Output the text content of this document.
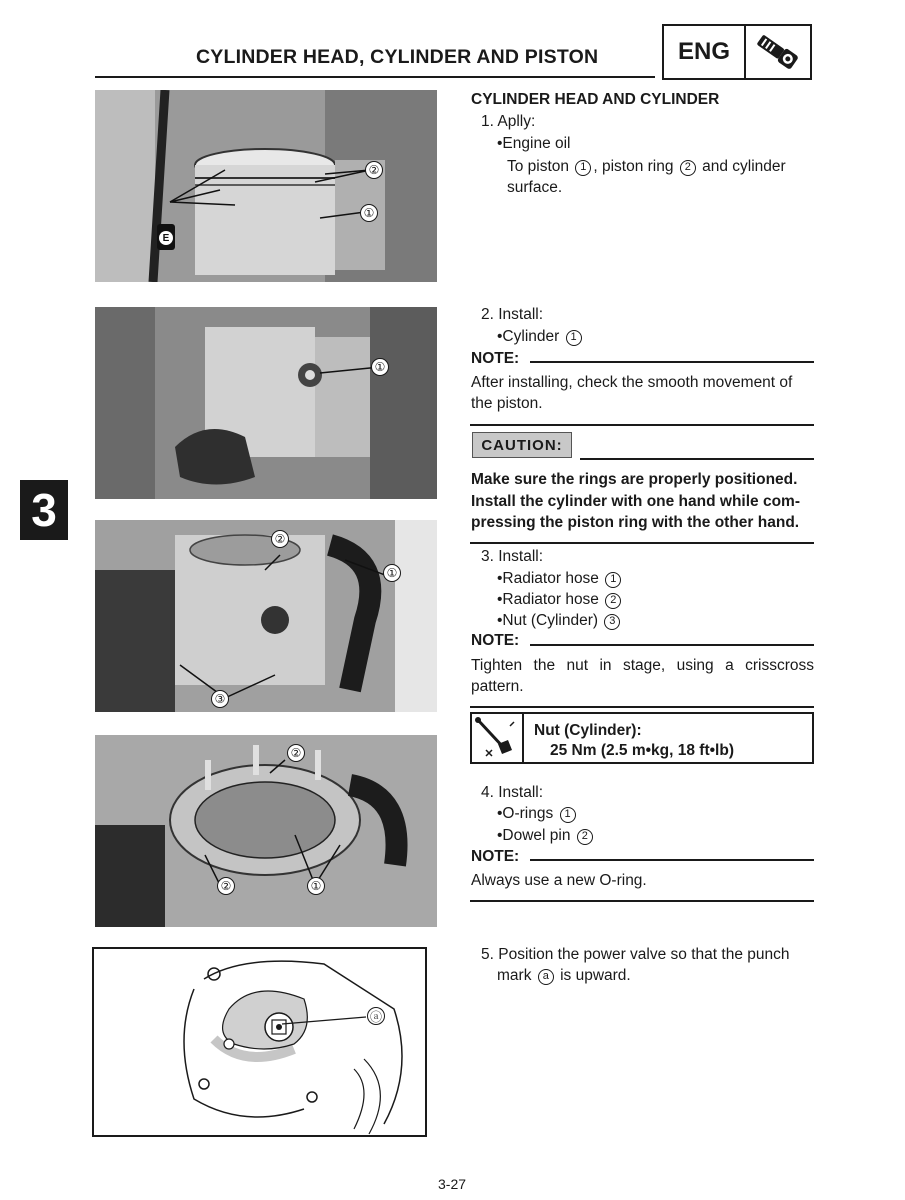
CYLINDER HEAD, CYLINDER AND PISTON	ENG
3
②
①
E
①
②
①
③
②
②	①
ⓐ
CYLINDER HEAD AND CYLINDER
1. Aplly:
•Engine oil
To piston 1 , piston ring 2 and cylinder
surface.
2. Install:
•Cylinder 1
NOTE:
After installing, check the smooth movement of
the piston.
CAUTION:
Make sure the rings are properly positioned.
Install the cylinder with one hand while com-
pressing the piston ring with the other hand.
3. Install:
•Radiator hose 1
•Radiator hose 2
•Nut (Cylinder) 3
NOTE:
Tighten the nut in stage, using a crisscross
pattern.
Nut (Cylinder):
25 Nm (2.5 m•kg, 18 ft•lb)
4. Install:
•O-rings 1
•Dowel pin 2
NOTE:
Always use a new O-ring.
5. Position the power valve so that the punch
mark a is upward.
3-27
